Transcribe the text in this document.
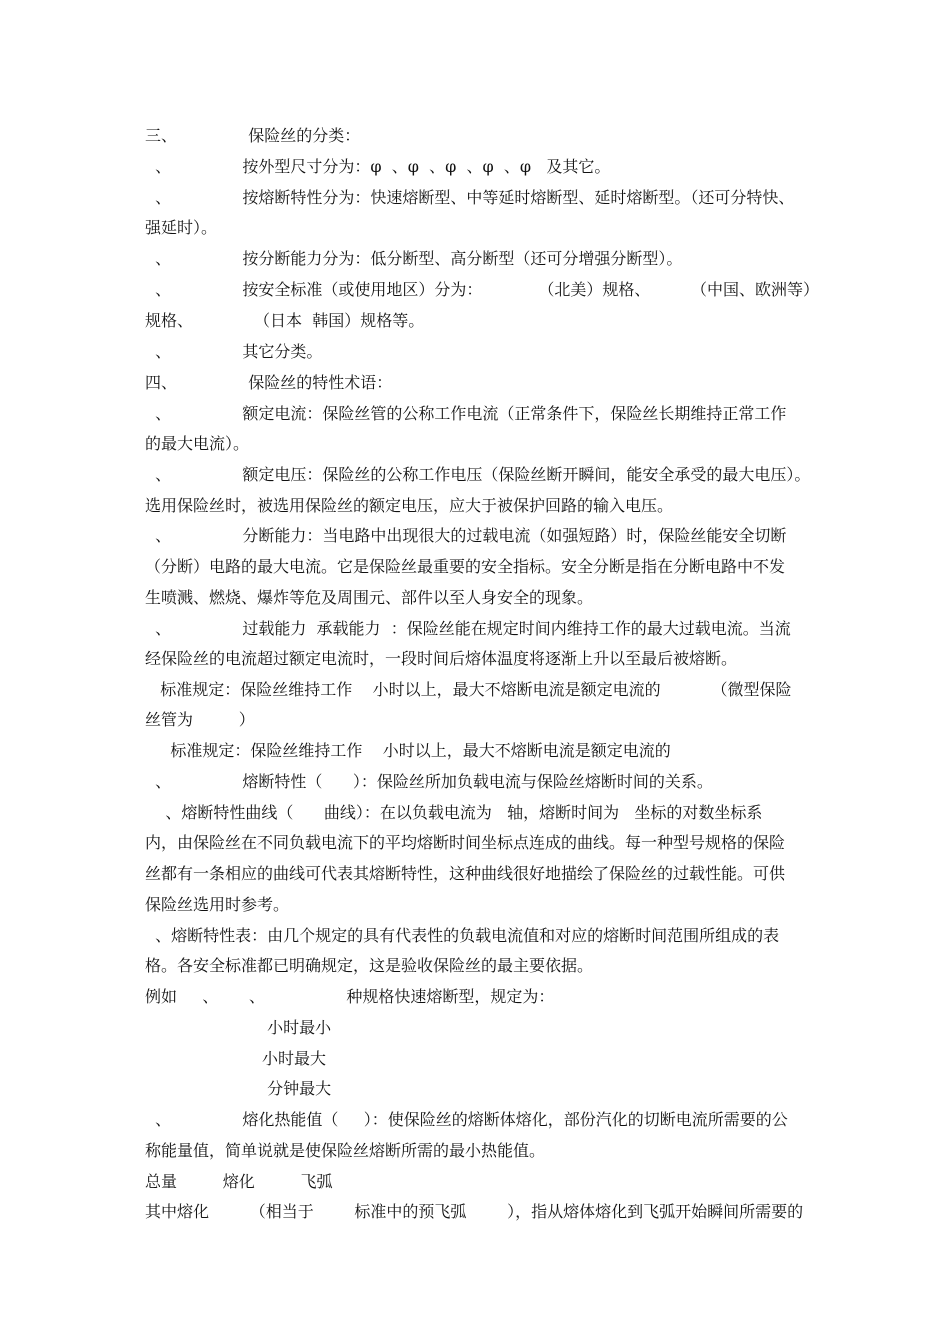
三、              保险丝的分类：
、              按外型尺寸分为：φ  、φ  、φ  、φ  、φ   及其它。
、              按熔断特性分为：快速熔断型、中等延时熔断型、延时熔断型。（还可分特快、
强延时）。
、              按分断能力分为：低分断型、高分断型（还可分增强分断型）。
、              按安全标准（或使用地区）分为：           （北美）规格、        （中国、欧洲等）
规格、            （日本  韩国）规格等。
、              其它分类。
四、              保险丝的特性术语：
、              额定电流：保险丝管的公称工作电流（正常条件下，保险丝长期维持正常工作
的最大电流）。
、              额定电压：保险丝的公称工作电压（保险丝断开瞬间，能安全承受的最大电压）。
选用保险丝时，被选用保险丝的额定电压，应大于被保护回路的输入电压。
、              分断能力：当电路中出现很大的过载电流（如强短路）时，保险丝能安全切断
（分断）电路的最大电流。它是保险丝最重要的安全指标。安全分断是指在分断电路中不发
生喷溅、燃烧、爆炸等危及周围元、部件以至人身安全的现象。
、              过载能力  承载能力  ：保险丝能在规定时间内维持工作的最大过载电流。当流
经保险丝的电流超过额定电流时，一段时间后熔体温度将逐渐上升以至最后被熔断。
标准规定：保险丝维持工作    小时以上，最大不熔断电流是额定电流的          （微型保险
丝管为         ）
标准规定：保险丝维持工作    小时以上，最大不熔断电流是额定电流的
、              熔断特性（      ）：保险丝所加负载电流与保险丝熔断时间的关系。
、熔断特性曲线（      曲线）：在以负载电流为   轴，熔断时间为   坐标的对数坐标系
内，由保险丝在不同负载电流下的平均熔断时间坐标点连成的曲线。每一种型号规格的保险
丝都有一条相应的曲线可代表其熔断特性，这种曲线很好地描绘了保险丝的过载性能。可供
保险丝选用时参考。
、熔断特性表：由几个规定的具有代表性的负载电流值和对应的熔断时间范围所组成的表
格。各安全标准都已明确规定，这是验收保险丝的最主要依据。
例如     、      、                种规格快速熔断型，规定为：
小时最小
小时最大
分钟最大
、              熔化热能值（     ）：使保险丝的熔断体熔化，部份汽化的切断电流所需要的公
称能量值，简单说就是使保险丝熔断所需的最小热能值。
总量         熔化         飞弧
其中熔化        （相当于        标准中的预飞弧        ），指从熔体熔化到飞弧开始瞬间所需要的
